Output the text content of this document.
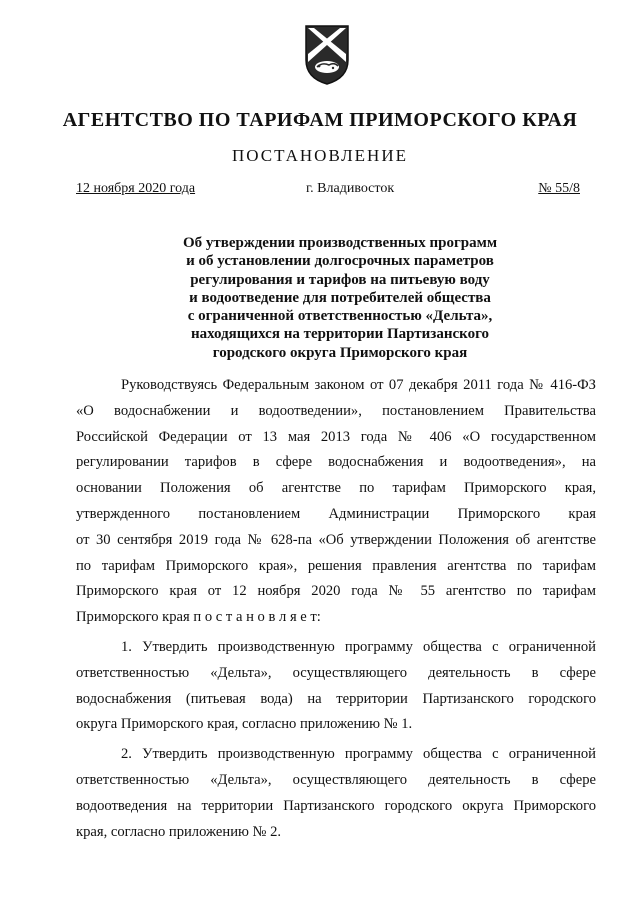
АГЕНТСТВО ПО ТАРИФАМ ПРИМОРСКОГО КРАЯ
ПОСТАНОВЛЕНИЕ
12 ноября 2020 года	г. Владивосток	№ 55/8
Об утверждении производственных программ
и об установлении долгосрочных параметров
регулирования и тарифов на питьевую воду
и водоотведение для потребителей общества
с ограниченной ответственностью «Дельта»,
находящихся на территории Партизанского
городского округа Приморского края
Руководствуясь Федеральным законом от 07 декабря 2011 года № 416-ФЗ
«О водоснабжении и водоотведении», постановлением Правительства
Российской Федерации от 13 мая 2013 года № 406 «О государственном
регулировании тарифов в сфере водоснабжения и водоотведения», на
основании Положения об агентстве по тарифам Приморского края,
утвержденного постановлением Администрации Приморского края
от 30 сентября 2019 года № 628-па «Об утверждении Положения об агентстве
по тарифам Приморского края», решения правления агентства по тарифам
Приморского края от 12 ноября 2020 года № 55 агентство по тарифам
Приморского края п о с т а н о в л я е т:
1. Утвердить производственную программу общества с ограниченной
ответственностью «Дельта», осуществляющего деятельность в сфере
водоснабжения (питьевая вода) на территории Партизанского городского
округа Приморского края, согласно приложению № 1.
2. Утвердить производственную программу общества с ограниченной
ответственностью «Дельта», осуществляющего деятельность в сфере
водоотведения на территории Партизанского городского округа Приморского
края, согласно приложению № 2.
